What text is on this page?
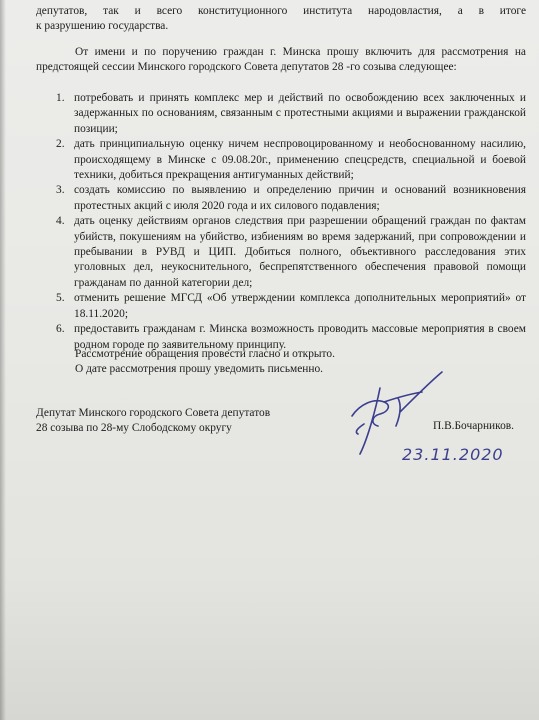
депутатов, так и всего конституционного института народовластия, а в итоге

к разрушению государства.

От имени и по поручению граждан г. Минска прошу включить для рассмотрения на предстоящей сессии Минского городского Совета депутатов 28 -го созыва следующее:

1. потребовать и принять комплекс мер и действий по освобождению всех заключенных и задержанных по основаниям, связанным с протестными акциями и выражении гражданской позиции;
2. дать принципиальную оценку ничем неспровоцированному и необоснованному насилию, происходящему в Минске с 09.08.20г., применению спецсредств, специальной и боевой техники, добиться прекращения антигуманных действий;
3. создать комиссию по выявлению и определению причин и оснований возникновения протестных акций с июля 2020 года и их силового подавления;
4. дать оценку действиям органов следствия при разрешении обращений граждан по фактам убийств, покушениям на убийство, избиениям во время задержаний, при сопровождении и пребывании в РУВД и ЦИП. Добиться полного, объективного расследования этих уголовных дел, неукоснительного, беспрепятственного обеспечения правовой помощи гражданам по данной категории дел;
5. отменить решение МГСД «Об утверждении комплекса дополнительных мероприятий» от 18.11.2020;
6. предоставить гражданам г. Минска возможность проводить массовые мероприятия в своем родном городе по заявительному принципу.
Рассмотрение обращения провести гласно и открыто.
О дате рассмотрения прошу уведомить письменно.
Депутат Минского городского Совета депутатов
28 созыва по 28-му Слободскому округу	П.В.Бочарников.
23.11.2020
